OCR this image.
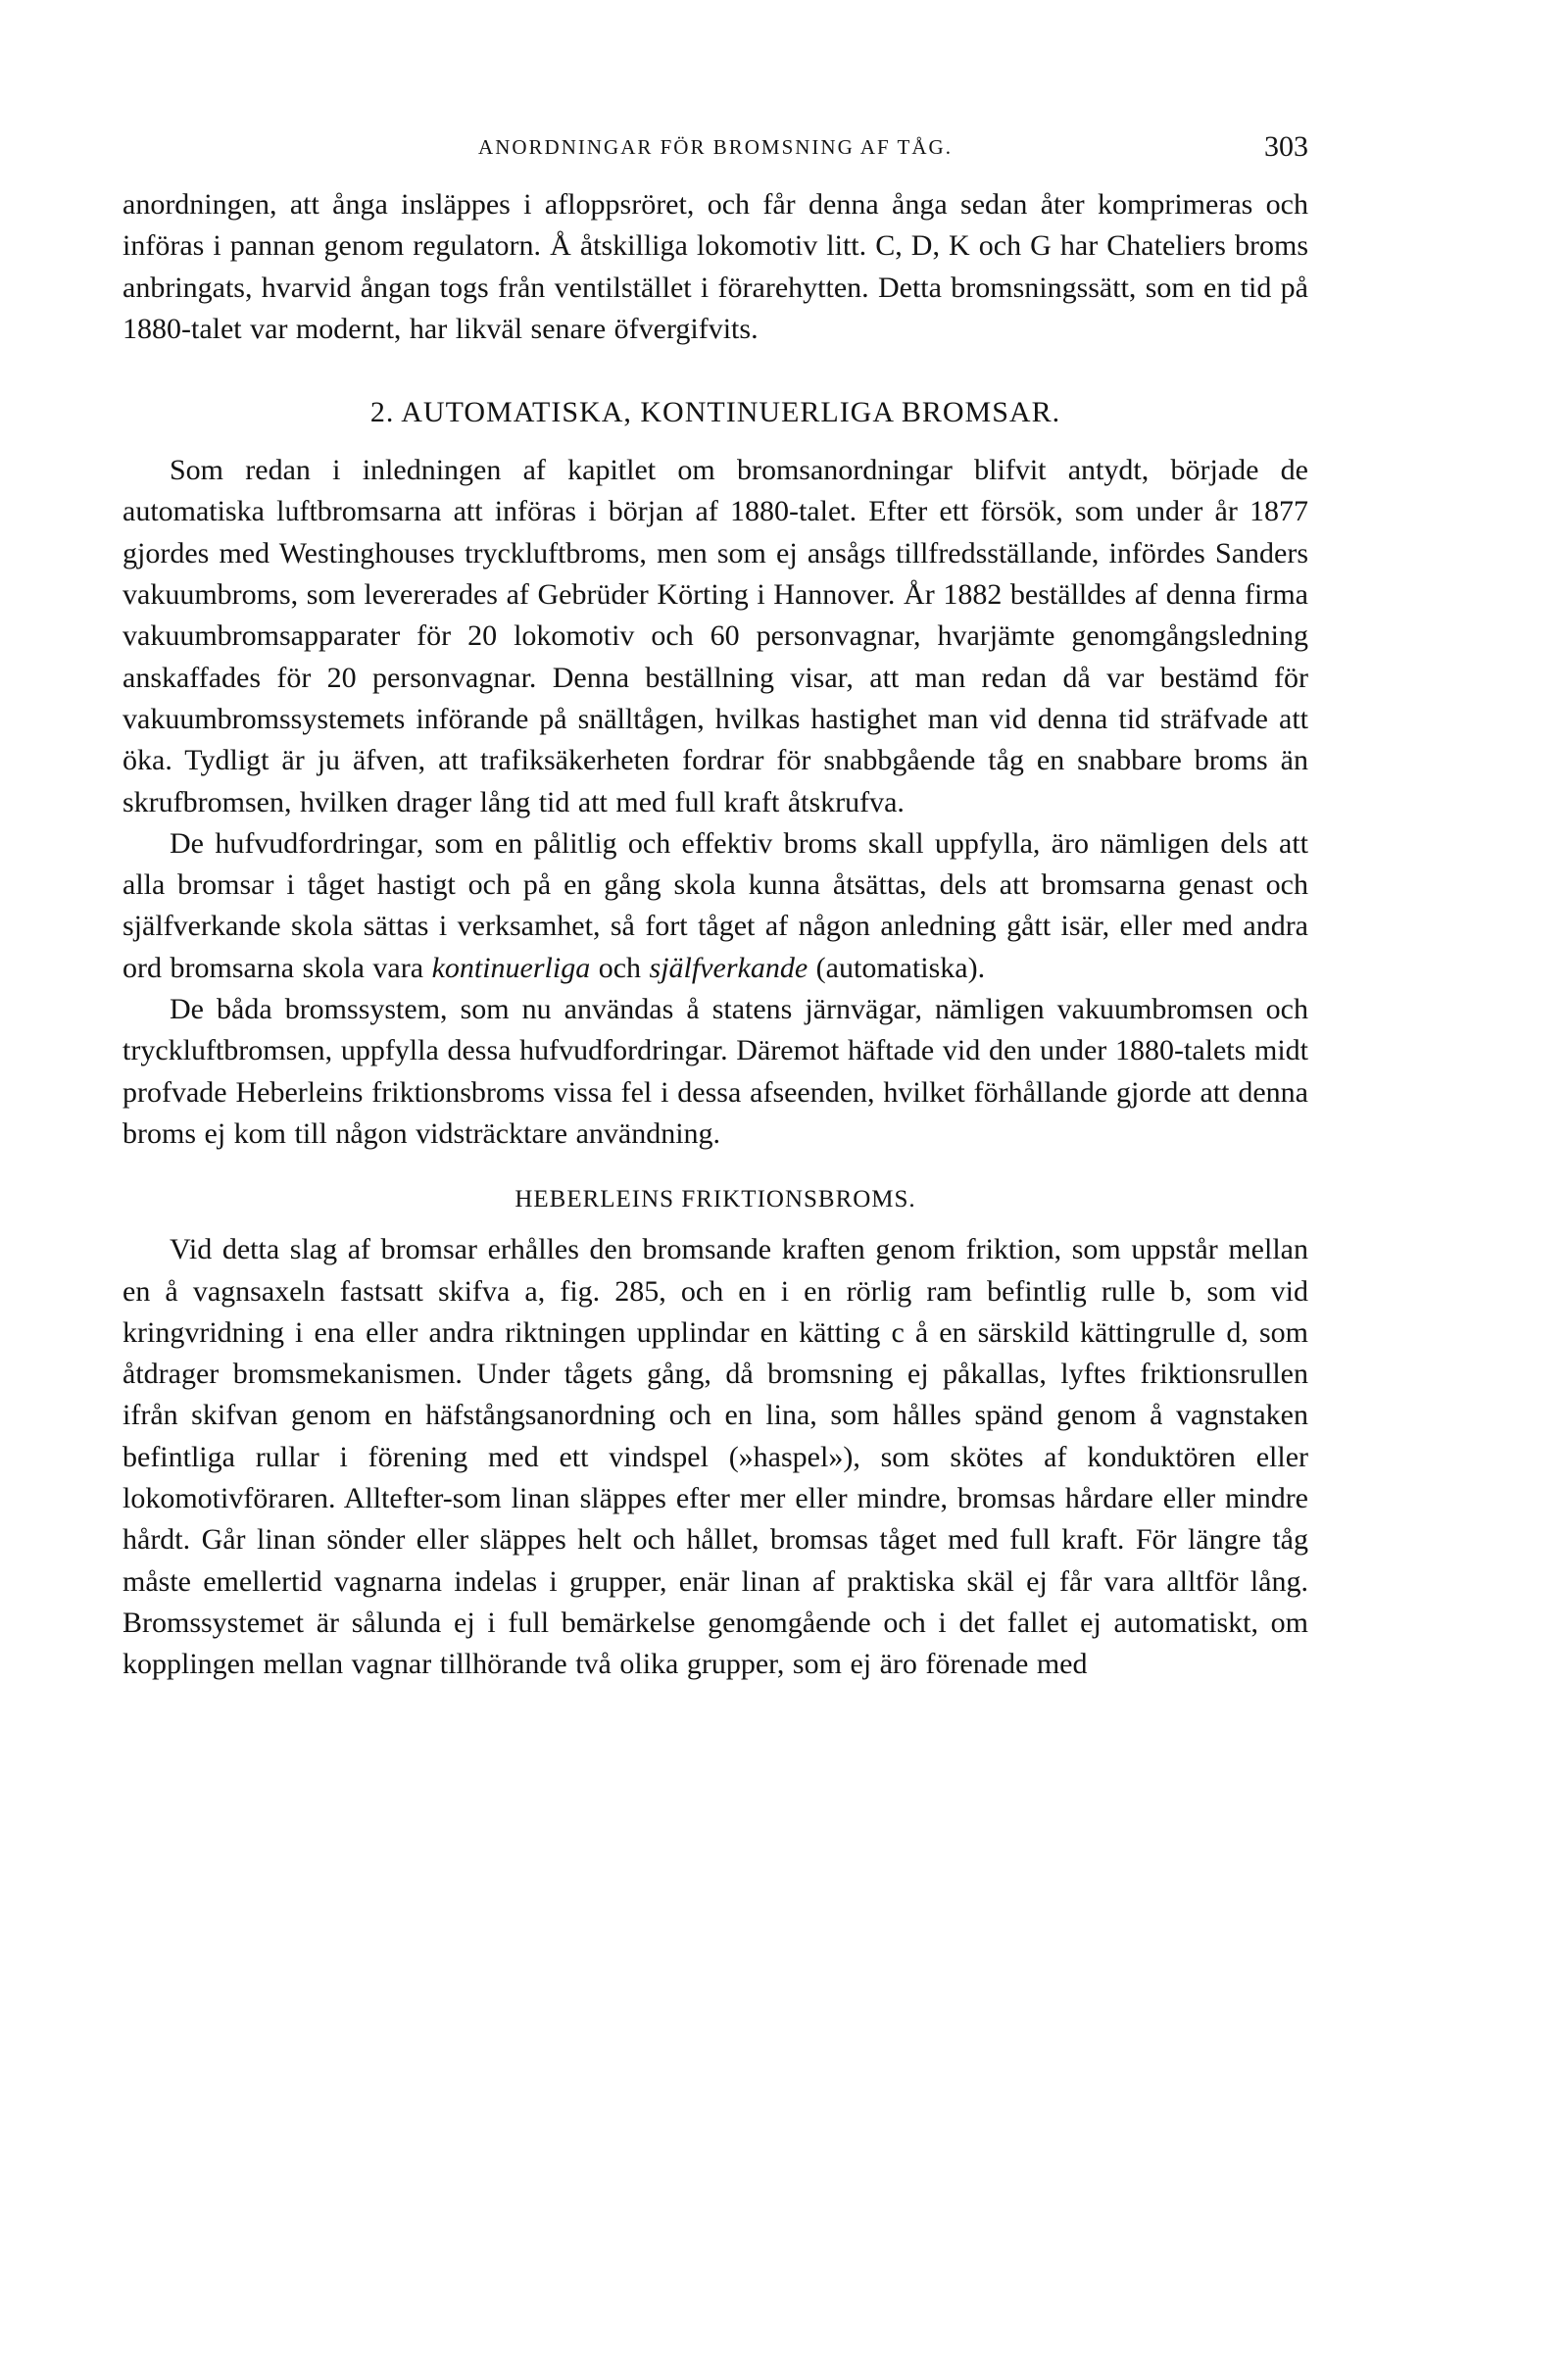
ANORDNINGAR FÖR BROMSNING AF TÅG.	303

anordningen, att ånga insläppes i afloppsröret, och får denna ånga sedan åter komprimeras och införas i pannan genom regulatorn. Å åtskilliga lokomotiv litt. C, D, K och G har Chateliers broms anbringats, hvarvid ångan togs från ventilstället i förarehytten. Detta bromsningssätt, som en tid på 1880-talet var modernt, har likväl senare öfvergifvits.

2. AUTOMATISKA, KONTINUERLIGA BROMSAR.

Som redan i inledningen af kapitlet om bromsanordningar blifvit antydt, började de automatiska luftbromsarna att införas i början af 1880-talet. Efter ett försök, som under år 1877 gjordes med Westinghouses tryckluftbroms, men som ej ansågs tillfredsställande, infördes Sanders vakuumbroms, som levererades af Gebrüder Körting i Hannover. År 1882 beställdes af denna firma vakuumbromsapparater för 20 lokomotiv och 60 personvagnar, hvarjämte genomgångsledning anskaffades för 20 personvagnar. Denna beställning visar, att man redan då var bestämd för vakuumbromssystemets införande på snälltågen, hvilkas hastighet man vid denna tid sträfvade att öka. Tydligt är ju äfven, att trafiksäkerheten fordrar för snabbgående tåg en snabbare broms än skrufbromsen, hvilken drager lång tid att med full kraft åtskrufva.

De hufvudfordringar, som en pålitlig och effektiv broms skall uppfylla, äro nämligen dels att alla bromsar i tåget hastigt och på en gång skola kunna åtsättas, dels att bromsarna genast och själfverkande skola sättas i verksamhet, så fort tåget af någon anledning gått isär, eller med andra ord bromsarna skola vara kontinuerliga och själfverkande (automatiska).

De båda bromssystem, som nu användas å statens järnvägar, nämligen vakuumbromsen och tryckluftbromsen, uppfylla dessa hufvudfordringar. Däremot häftade vid den under 1880-talets midt profvade Heberleins friktionsbroms vissa fel i dessa afseenden, hvilket förhållande gjorde att denna broms ej kom till någon vidsträcktare användning.

HEBERLEINS FRIKTIONSBROMS.

Vid detta slag af bromsar erhålles den bromsande kraften genom friktion, som uppstår mellan en å vagnsaxeln fastsatt skifva a, fig. 285, och en i en rörlig ram befintlig rulle b, som vid kringvridning i ena eller andra riktningen upplindar en kätting c å en särskild kättingrulle d, som åtdrager bromsmekanismen. Under tågets gång, då bromsning ej påkallas, lyftes friktionsrullen ifrån skifvan genom en häfstångsanordning och en lina, som hålles spänd genom å vagnstaken befintliga rullar i förening med ett vindspel (»haspel»), som skötes af konduktören eller lokomotivföraren. Alltefter-som linan släppes efter mer eller mindre, bromsas hårdare eller mindre hårdt. Går linan sönder eller släppes helt och hållet, bromsas tåget med full kraft. För längre tåg måste emellertid vagnarna indelas i grupper, enär linan af praktiska skäl ej får vara alltför lång. Bromssystemet är sålunda ej i full bemärkelse genomgående och i det fallet ej automatiskt, om kopplingen mellan vagnar tillhörande två olika grupper, som ej äro förenade med
